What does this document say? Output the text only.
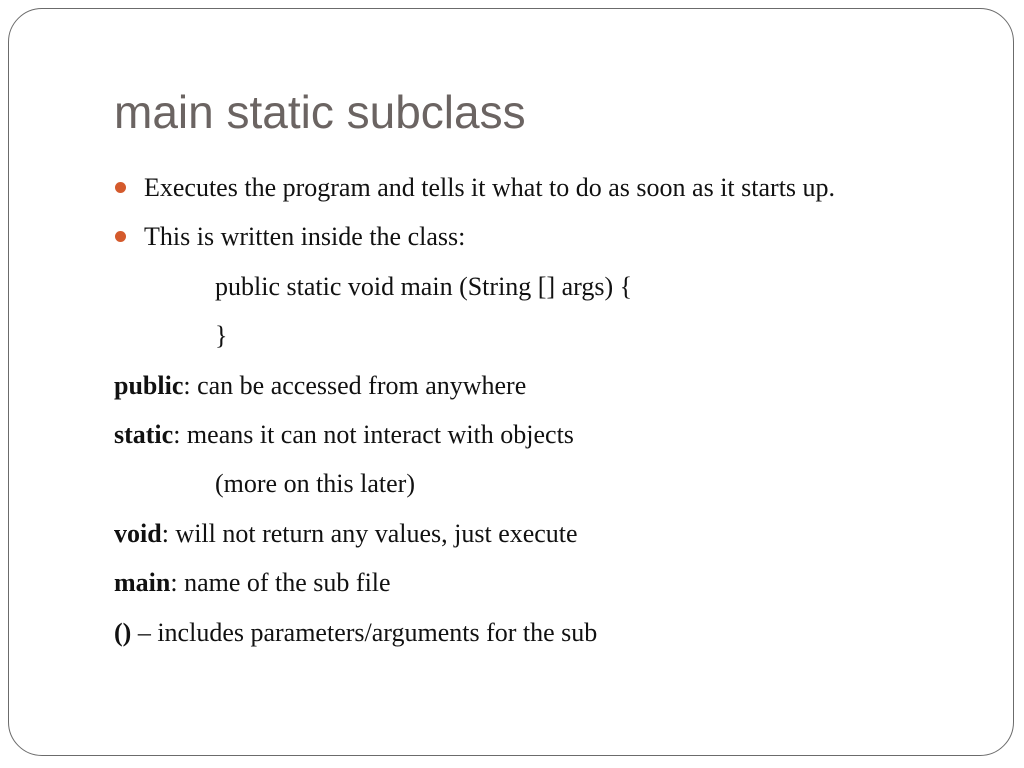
main static subclass
Executes the program and tells it what to do as soon as it starts up.
This is written inside the class:
public static void main (String [] args) {
}
public: can be accessed from anywhere
static: means it can not interact with objects
(more on this later)
void: will not return any values, just execute
main: name of the sub file
() – includes parameters/arguments for the sub
